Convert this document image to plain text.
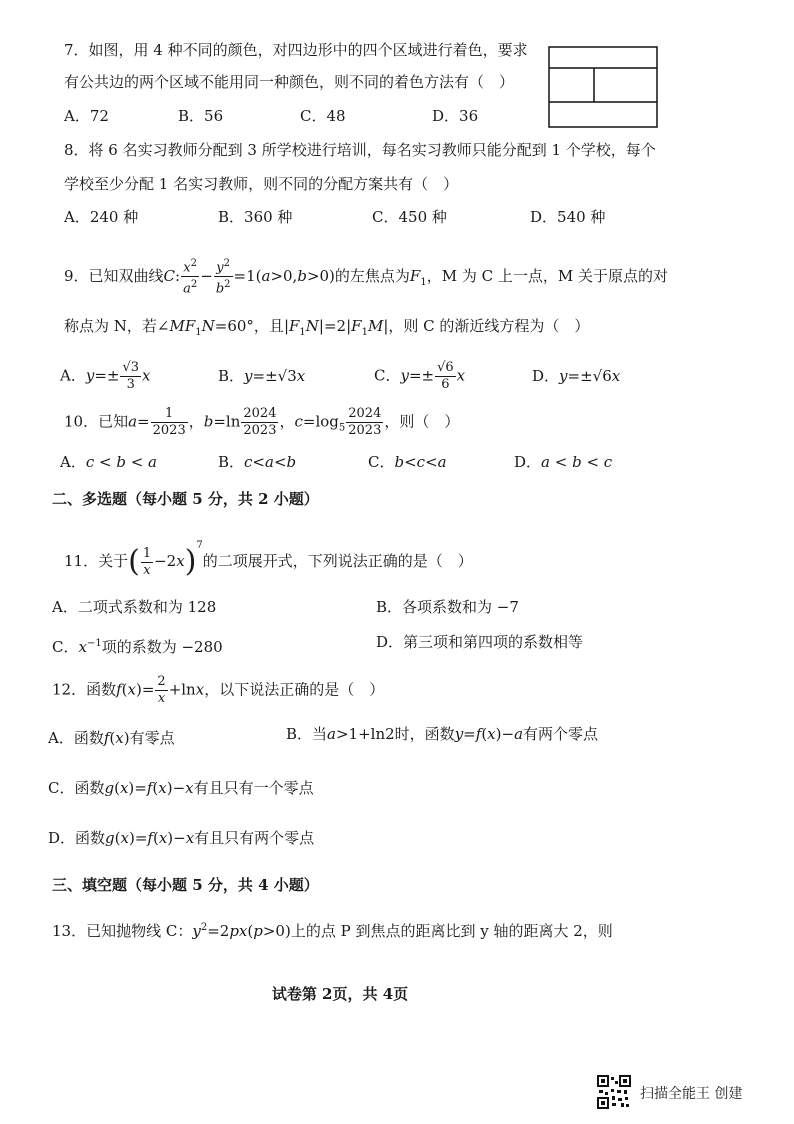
7．如图，用 4 种不同的颜色，对四边形中的四个区域进行着色，要求
有公共边的两个区域不能用同一种颜色，则不同的着色方法有（　）
A．72	B．56	C．48	D．36
8．将 6 名实习教师分配到 3 所学校进行培训，每名实习教师只能分配到 1 个学校，每个
学校至少分配 1 名实习教师，则不同的分配方案共有（　）
A．240 种	B．360 种	C．450 种	D．540 种
9．已知双曲线C: $\frac{x^2}{a^2} - \frac{y^2}{b^2} =1(a>0,b>0)$的左焦点为$F_1$，M 为 C 上一点，M 关于原点的对
称点为 N，若$\angle MF_1N=60^\circ$，且$|F_1N|=2|F_1M|$，则 C 的渐近线方程为（　）
A．$y=\pm \frac{√3}{3}$ x	B．y=±√3x	C．$y=\pm \frac{√6}{6}$ x	D．y=±√6x
10．已知$a= \frac{1}{2023}$ ，$b=\ln \frac{2024}{2023}$ ，$c=\log_5 \frac{2024}{2023}$ ，则（　）
A．c < b < a	B．c<a<b	C．b<c<a	D．a < b < c
二、多选题（每小题 5 分，共 2 小题）
11．关于( $\frac{1}{x} -2x)^7$的二项展开式，下列说法正确的是（　）
A．二项式系数和为 128	B．各项系数和为 −7
C．$x^{-1}$项的系数为 −280	D．第三项和第四项的系数相等
12．函数$f(x)= \frac{2}{x} +\ln x$，以下说法正确的是（　）
A．函数f(x)有零点	B．当a>1+ln2时，函数y=f(x)−a有两个零点
C．函数g(x)=f(x)−x有且只有一个零点
D．函数g(x)=f(x)−x有且只有两个零点
三、填空题（每小题 5 分，共 4 小题）
13．已知抛物线 C：$y^2=2px(p>0)$上的点 P 到焦点的距离比到 y 轴的距离大 2，则
试卷第 2页，共 4页
扫描全能王 创建
